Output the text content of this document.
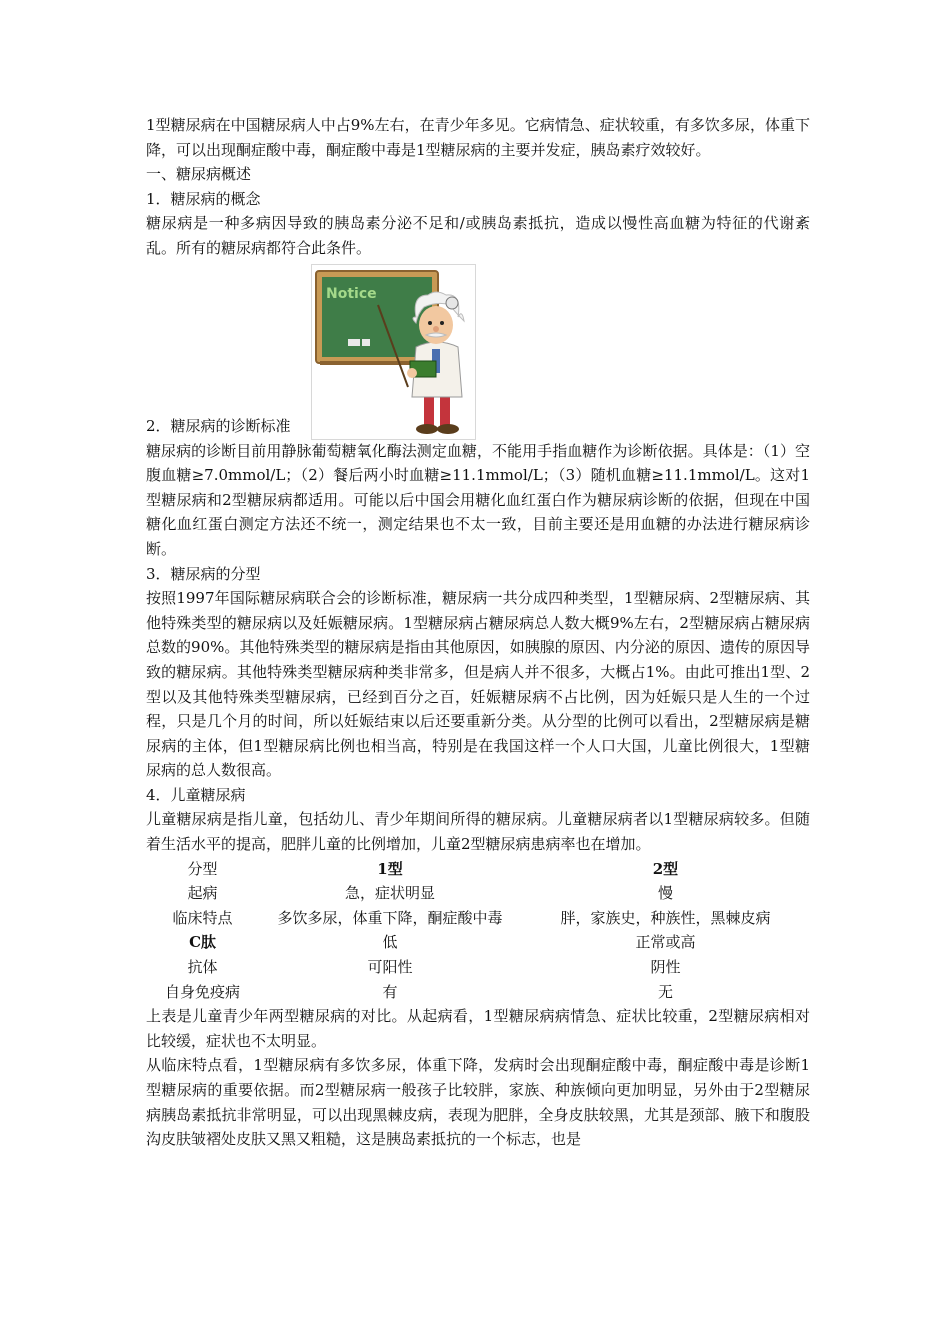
1型糖尿病在中国糖尿病人中占9%左右，在青少年多见。它病情急、症状较重，有多饮多尿，体重下降，可以出现酮症酸中毒，酮症酸中毒是1型糖尿病的主要并发症，胰岛素疗效较好。

一、糖尿病概述
1．糖尿病的概念

糖尿病是一种多病因导致的胰岛素分泌不足和/或胰岛素抵抗，造成以慢性高血糖为特征的代谢紊乱。所有的糖尿病都符合此条件。

2．糖尿病的诊断标准
Notice

糖尿病的诊断目前用静脉葡萄糖氧化酶法测定血糖，不能用手指血糖作为诊断依据。具体是：（1）空腹血糖≥7.0mmol/L；（2）餐后两小时血糖≥11.1mmol/L；（3）随机血糖≥11.1mmol/L。这对1型糖尿病和2型糖尿病都适用。可能以后中国会用糖化血红蛋白作为糖尿病诊断的依据，但现在中国糖化血红蛋白测定方法还不统一，测定结果也不太一致，目前主要还是用血糖的办法进行糖尿病诊断。

3．糖尿病的分型

按照1997年国际糖尿病联合会的诊断标准，糖尿病一共分成四种类型，1型糖尿病、2型糖尿病、其他特殊类型的糖尿病以及妊娠糖尿病。1型糖尿病占糖尿病总人数大概9%左右，2型糖尿病占糖尿病总数的90%。其他特殊类型的糖尿病是指由其他原因，如胰腺的原因、内分泌的原因、遗传的原因导致的糖尿病。其他特殊类型糖尿病种类非常多，但是病人并不很多，大概占1%。由此可推出1型、2型以及其他特殊类型糖尿病，已经到百分之百，妊娠糖尿病不占比例，因为妊娠只是人生的一个过程，只是几个月的时间，所以妊娠结束以后还要重新分类。从分型的比例可以看出，2型糖尿病是糖尿病的主体，但1型糖尿病比例也相当高，特别是在我国这样一个人口大国，儿童比例很大，1型糖尿病的总人数很高。

4．儿童糖尿病

儿童糖尿病是指儿童，包括幼儿、青少年期间所得的糖尿病。儿童糖尿病者以1型糖尿病较多。但随着生活水平的提高，肥胖儿童的比例增加，儿童2型糖尿病患病率也在增加。

分型	1型	2型
起病	急，症状明显	慢
临床特点	多饮多尿，体重下降，酮症酸中毒	胖，家族史，种族性，黑棘皮病
C肽	低	正常或高
抗体	可阳性	阴性
自身免疫病	有	无

上表是儿童青少年两型糖尿病的对比。从起病看，1型糖尿病病情急、症状比较重，2型糖尿病相对比较缓，症状也不太明显。

从临床特点看，1型糖尿病有多饮多尿，体重下降，发病时会出现酮症酸中毒，酮症酸中毒是诊断1型糖尿病的重要依据。而2型糖尿病一般孩子比较胖，家族、种族倾向更加明显，另外由于2型糖尿病胰岛素抵抗非常明显，可以出现黑棘皮病，表现为肥胖，全身皮肤较黑，尤其是颈部、腋下和腹股沟皮肤皱褶处皮肤又黑又粗糙，这是胰岛素抵抗的一个标志，也是
